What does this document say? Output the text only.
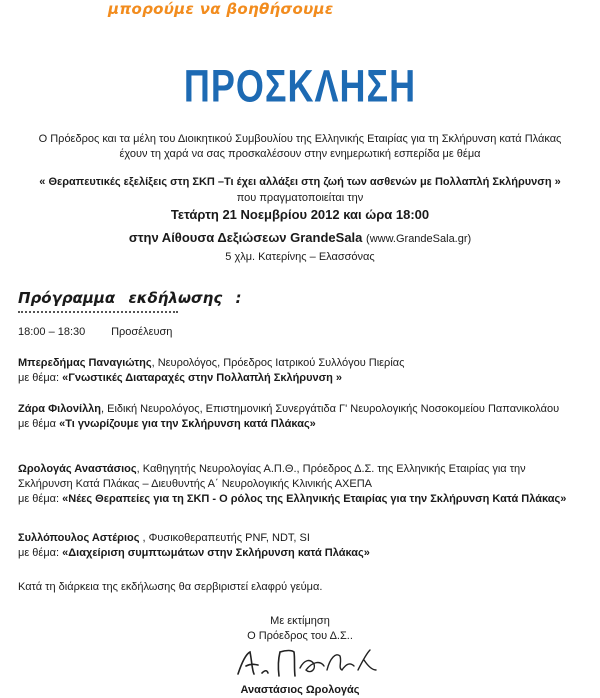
μπορούμε να βοηθήσουμε
ΠΡΟΣΚΛΗΣΗ
Ο Πρόεδρος και τα μέλη του Διοικητικού Συμβουλίου της Ελληνικής Εταιρίας για τη Σκλήρυνση κατά Πλάκας
έχουν τη χαρά να σας προσκαλέσουν στην ενημερωτική εσπερίδα με θέμα
« Θεραπευτικές εξελίξεις στη ΣΚΠ –Τι έχει αλλάξει στη ζωή των ασθενών με Πολλαπλή Σκλήρυνση »
που πραγματοποιείται την
Τετάρτη 21 Νοεμβρίου 2012 και ώρα 18:00
στην Αίθουσα Δεξιώσεων GrandeSala (www.GrandeSala.gr)
5 χλμ. Κατερίνης – Ελασσόνας
Πρόγραμμα εκδήλωσης :
18:00 – 18:30 Προσέλευση
Μπερεδήμας Παναγιώτης, Νευρολόγος, Πρόεδρος Ιατρικού Συλλόγου Πιερίας
με θέμα: «Γνωστικές Διαταραχές στην Πολλαπλή Σκλήρυνση »
Ζάρα Φιλονίλλη, Ειδική Νευρολόγος, Επιστημονική Συνεργάτιδα Γ' Νευρολογικής Νοσοκομείου Παπανικολάου
με θέμα «Τι γνωρίζουμε για την Σκλήρυνση κατά Πλάκας»
Ωρολογάς Αναστάσιος, Καθηγητής Νευρολογίας Α.Π.Θ., Πρόεδρος Δ.Σ. της Ελληνικής Εταιρίας για την Σκλήρυνση Κατά Πλάκας – Διευθυντής Α΄ Νευρολογικής Κλινικής ΑΧΕΠΑ
με θέμα: «Νέες Θεραπείες για τη ΣΚΠ - Ο ρόλος της Ελληνικής Εταιρίας για την Σκλήρυνση Κατά Πλάκας»
Συλλόπουλος Αστέριος , Φυσικοθεραπευτής PNF, NDT, SI
με θέμα: «Διαχείριση συμπτωμάτων στην Σκλήρυνση κατά Πλάκας»
Κατά τη διάρκεια της εκδήλωσης θα σερβιριστεί ελαφρύ γεύμα.
Με εκτίμηση
Ο Πρόεδρος του Δ.Σ..
Αναστάσιος Ωρολογάς
